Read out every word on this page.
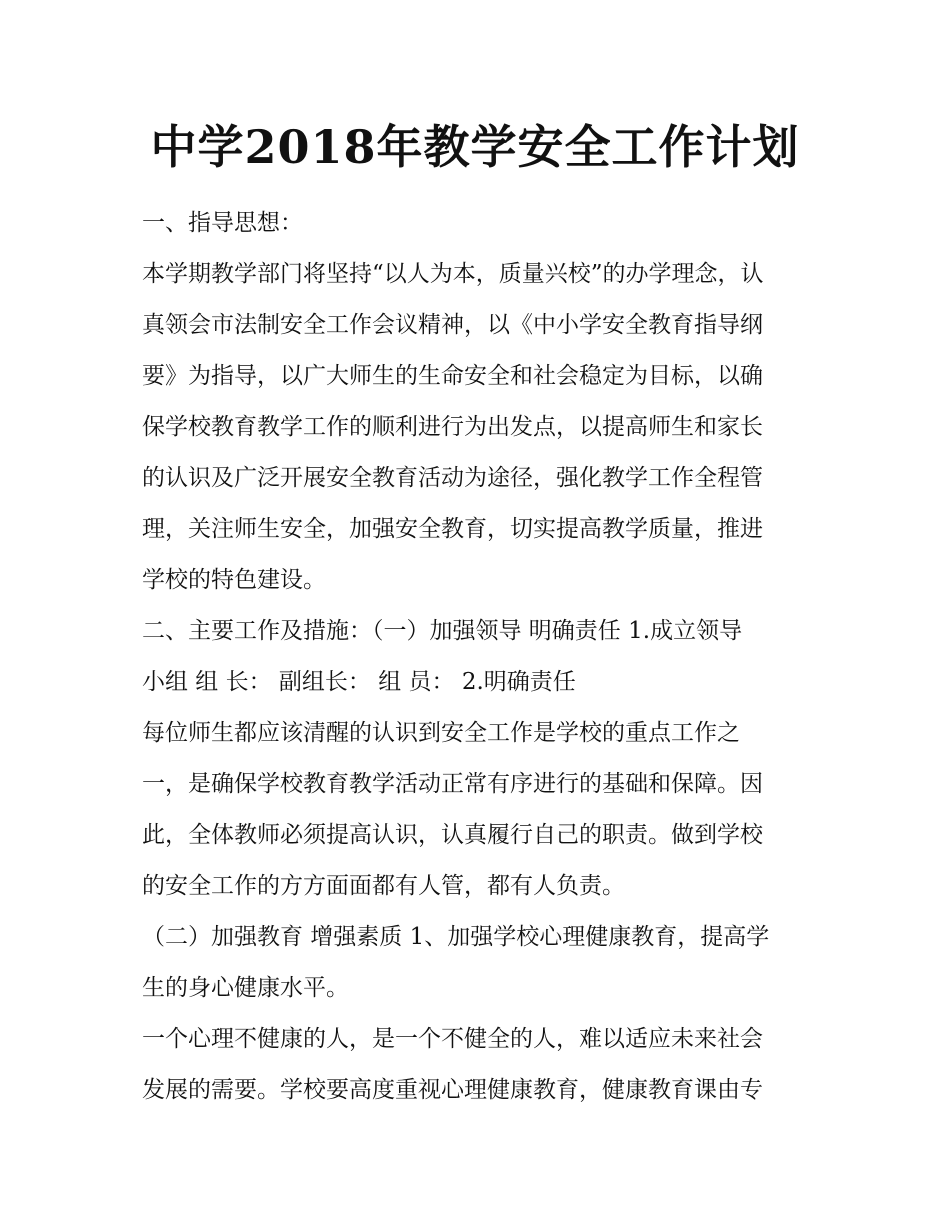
中学2018年教学安全工作计划

一、指导思想：

本学期教学部门将坚持“以人为本，质量兴校”的办学理念，认

真领会市法制安全工作会议精神，以《中小学安全教育指导纲

要》为指导，以广大师生的生命安全和社会稳定为目标，以确

保学校教育教学工作的顺利进行为出发点，以提高师生和家长

的认识及广泛开展安全教育活动为途径，强化教学工作全程管

理，关注师生安全，加强安全教育，切实提高教学质量，推进

学校的特色建设。

二、主要工作及措施：（一）加强领导 明确责任 1.成立领导

小组 组 长： 副组长： 组 员： 2.明确责任

每位师生都应该清醒的认识到安全工作是学校的重点工作之

一，是确保学校教育教学活动正常有序进行的基础和保障。因

此，全体教师必须提高认识，认真履行自己的职责。做到学校

的安全工作的方方面面都有人管，都有人负责。

（二）加强教育 增强素质 1、加强学校心理健康教育，提高学

生的身心健康水平。

一个心理不健康的人，是一个不健全的人，难以适应未来社会

发展的需要。学校要高度重视心理健康教育，健康教育课由专
